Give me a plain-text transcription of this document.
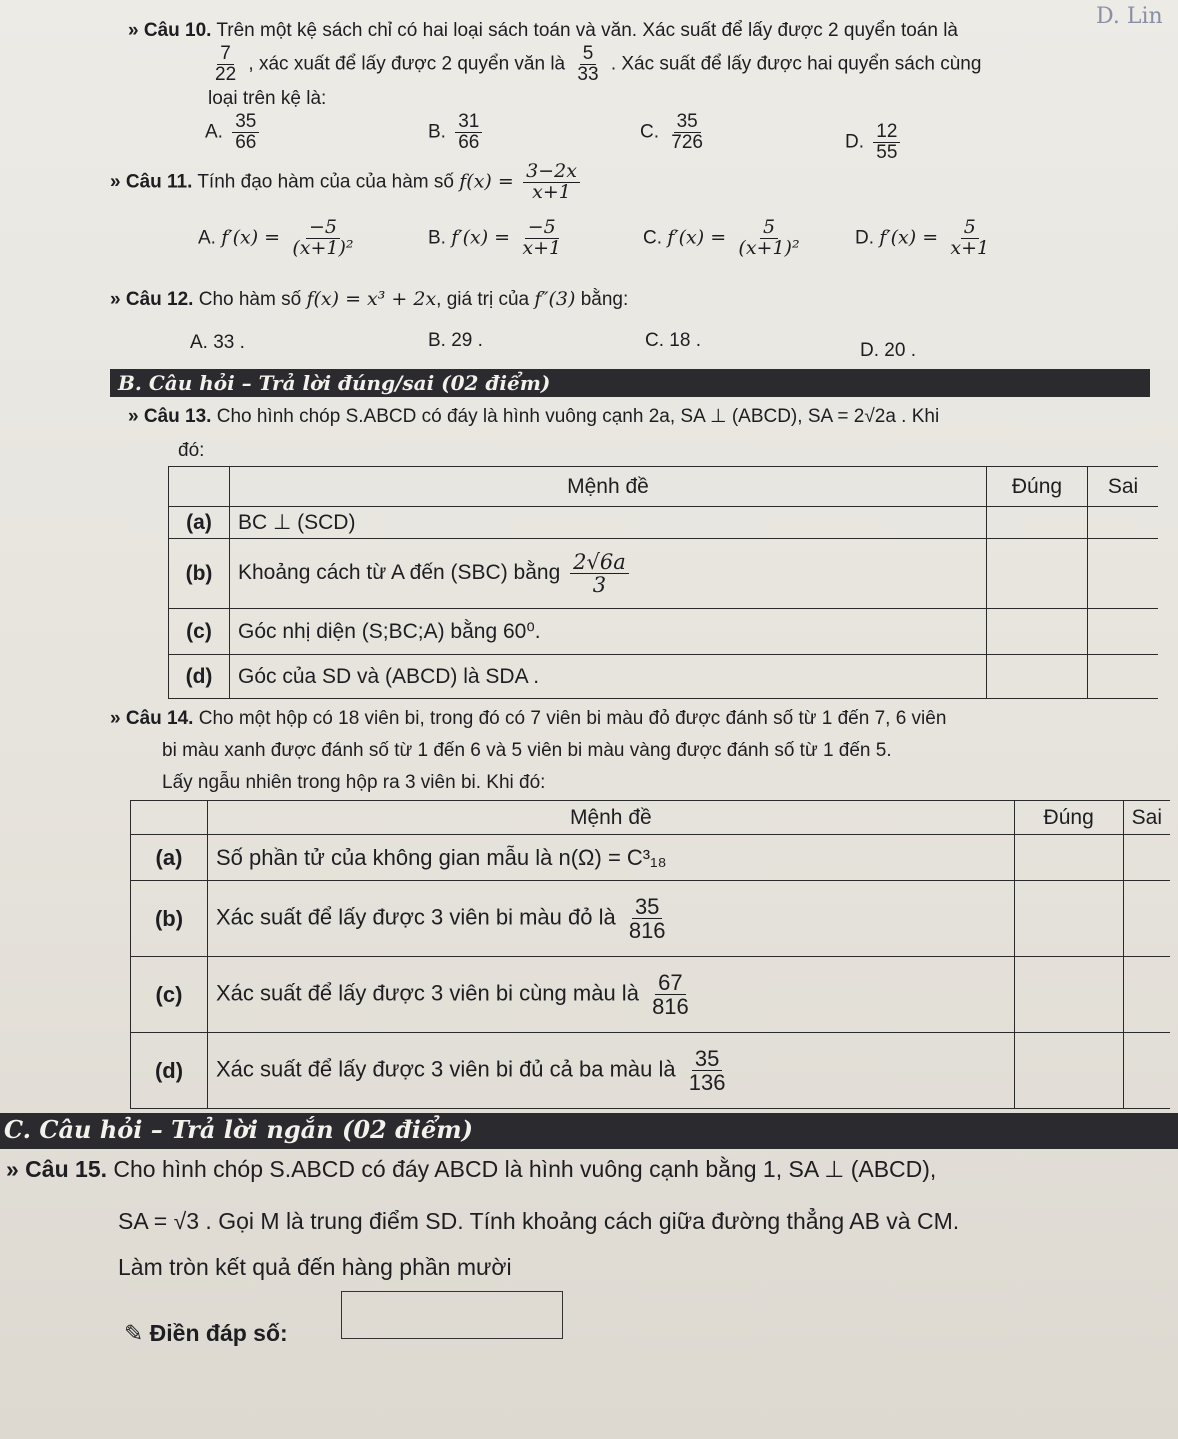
D. Lin
» Câu 10. Trên một kệ sách chỉ có hai loại sách toán và văn. Xác suất để lấy được 2 quyển toán là
$\frac{7}{22}$ , xác xuất để lấy được 2 quyển văn là $\frac{5}{33}$ . Xác suất để lấy được hai quyển sách cùng
loại trên kệ là:
A. $\frac{35}{66}$	B. $\frac{31}{66}$	C. $\frac{35}{726}$	D. $\frac{12}{55}$
» Câu 11. Tính đạo hàm của của hàm số $f(x) = \frac{3-2x}{x+1}$
A. $f'(x) = \frac{-5}{\text{(x+1)²}}$	B. $f'(x) = \frac{-5}{x+1}$	C. $f'(x) = \frac{5}{\text{(x+1)²}}$	D. $f'(x) = \frac{5}{x+1}$
» Câu 12. Cho hàm số f(x) = x³ + 2x, giá trị của f″(3) bằng:
A. 33 .	B. 29 .	C. 18 .	D. 20 .
B. Câu hỏi – Trả lời đúng/sai (02 điểm)
» Câu 13. Cho hình chóp S.ABCD có đáy là hình vuông cạnh 2a, SA ⊥ (ABCD), SA = 2√2a . Khi
đó:
	Mệnh đề	Đúng	Sai
(a)	BC ⊥ (SCD)		
(b)	Khoảng cách từ A đến (SBC) bằng $\frac{2√6a}{3}$

(c)	Góc nhị diện (S;BC;A) bằng 60⁰.		
(d)	Góc của SD và (ABCD) là SDA .		
» Câu 14. Cho một hộp có 18 viên bi, trong đó có 7 viên bi màu đỏ được đánh số từ 1 đến 7, 6 viên
bi màu xanh được đánh số từ 1 đến 6 và 5 viên bi màu vàng được đánh số từ 1 đến 5.
Lấy ngẫu nhiên trong hộp ra 3 viên bi. Khi đó:
	Mệnh đề	Đúng	Sai
(a)	Số phần tử của không gian mẫu là n(Ω) = C³₁₈		
(b)	Xác suất để lấy được 3 viên bi màu đỏ là $\frac{35}{816}$

(c)	Xác suất để lấy được 3 viên bi cùng màu là $\frac{67}{816}$

(d)	Xác suất để lấy được 3 viên bi đủ cả ba màu là $\frac{35}{136}$

C. Câu hỏi – Trả lời ngắn (02 điểm)
» Câu 15. Cho hình chóp S.ABCD có đáy ABCD là hình vuông cạnh bằng 1, SA ⊥ (ABCD),
SA = √3 . Gọi M là trung điểm SD. Tính khoảng cách giữa đường thẳng AB và CM.
Làm tròn kết quả đến hàng phần mười
✎ Điền đáp số:
